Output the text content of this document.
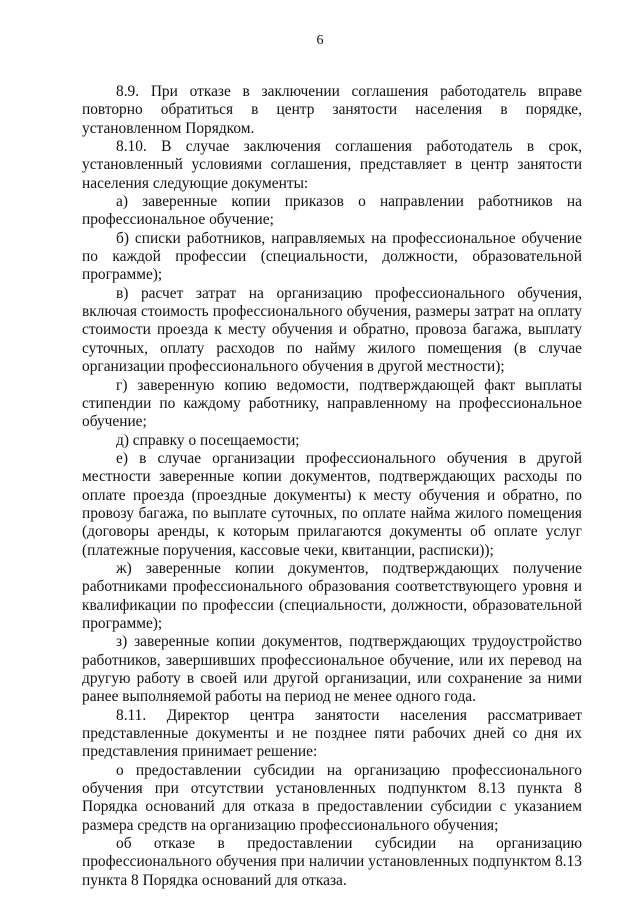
6

8.9. При отказе в заключении соглашения работодатель вправе повторно обратиться в центр занятости населения в порядке, установленном Порядком.

8.10. В случае заключения соглашения работодатель в срок, установленный условиями соглашения, представляет в центр занятости населения следующие документы:

а) заверенные копии приказов о направлении работников на профессиональное обучение;

б) списки работников, направляемых на профессиональное обучение по каждой профессии (специальности, должности, образовательной программе);

в) расчет затрат на организацию профессионального обучения, включая стоимость профессионального обучения, размеры затрат на оплату стоимости проезда к месту обучения и обратно, провоза багажа, выплату суточных, оплату расходов по найму жилого помещения (в случае организации профессионального обучения в другой местности);

г) заверенную копию ведомости, подтверждающей факт выплаты стипендии по каждому работнику, направленному на профессиональное обучение;

д) справку о посещаемости;

е) в случае организации профессионального обучения в другой местности заверенные копии документов, подтверждающих расходы по оплате проезда (проездные документы) к месту обучения и обратно, по провозу багажа, по выплате суточных, по оплате найма жилого помещения (договоры аренды, к которым прилагаются документы об оплате услуг (платежные поручения, кассовые чеки, квитанции, расписки));

ж) заверенные копии документов, подтверждающих получение работниками профессионального образования соответствующего уровня и квалификации по профессии (специальности, должности, образовательной программе);

з) заверенные копии документов, подтверждающих трудоустройство работников, завершивших профессиональное обучение, или их перевод на другую работу в своей или другой организации, или сохранение за ними ранее выполняемой работы на период не менее одного года.

8.11. Директор центра занятости населения рассматривает представленные документы и не позднее пяти рабочих дней со дня их представления принимает решение:

о предоставлении субсидии на организацию профессионального обучения при отсутствии установленных подпунктом 8.13 пункта 8 Порядка оснований для отказа в предоставлении субсидии с указанием размера средств на организацию профессионального обучения;

об отказе в предоставлении субсидии на организацию профессионального обучения при наличии установленных подпунктом 8.13 пункта 8 Порядка оснований для отказа.
